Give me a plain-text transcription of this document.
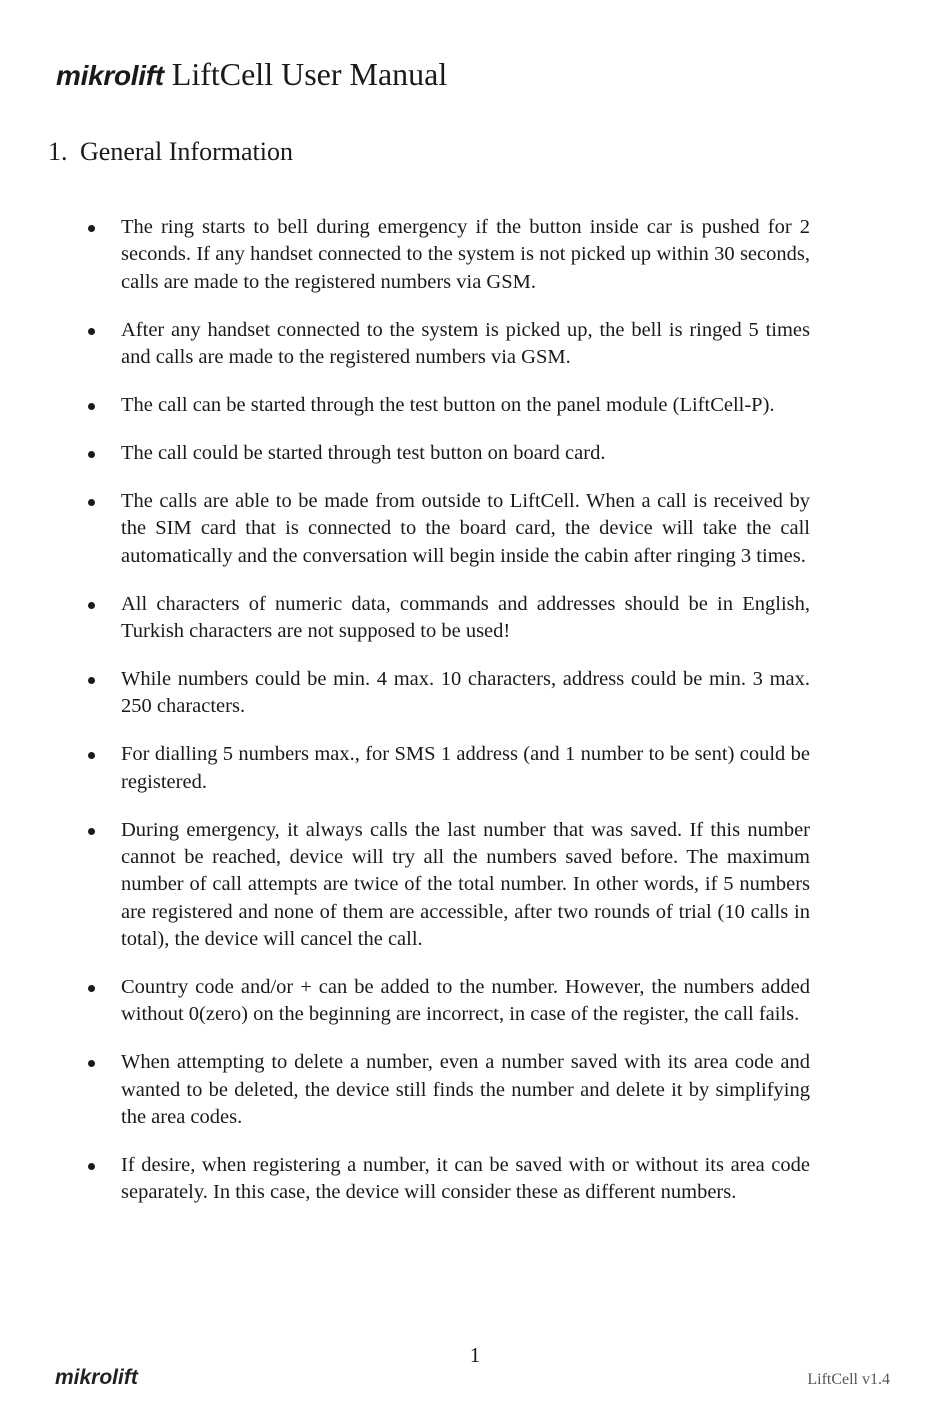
mikrolift LiftCell User Manual
1. General Information
The ring starts to bell during emergency if the button inside car is pushed for 2 seconds. If any handset connected to the system is not picked up within 30 seconds, calls are made to the registered numbers via GSM.
After any handset connected to the system is picked up, the bell is ringed 5 times and calls are made to the registered numbers via GSM.
The call can be started through the test button on the panel module (LiftCell-P).
The call could be started through test button on board card.
The calls are able to be made from outside to LiftCell. When a call is received by the SIM card that is connected to the board card, the device will take the call automatically and the conversation will begin inside the cabin after ringing 3 times.
All characters of numeric data, commands and addresses should be in English, Turkish characters are not supposed to be used!
While numbers could be min. 4 max. 10 characters, address could be min. 3 max. 250 characters.
For dialling 5 numbers max., for SMS 1 address (and 1 number to be sent) could be registered.
During emergency, it always calls the last number that was saved. If this number cannot be reached, device will try all the numbers saved before. The maximum number of call attempts are twice of the total number. In other words, if 5 numbers are registered and none of them are accessible, after two rounds of trial (10 calls in total), the device will cancel the call.
Country code and/or + can be added to the number. However, the numbers added without 0(zero) on the beginning are incorrect, in case of the register, the call fails.
When attempting to delete a number, even a number saved with its area code and wanted to be deleted, the device still finds the number and delete it by simplifying the area codes.
If desire, when registering a number, it can be saved with or without its area code separately. In this case, the device will consider these as different numbers.
1
mikrolift	LiftCell v1.4
